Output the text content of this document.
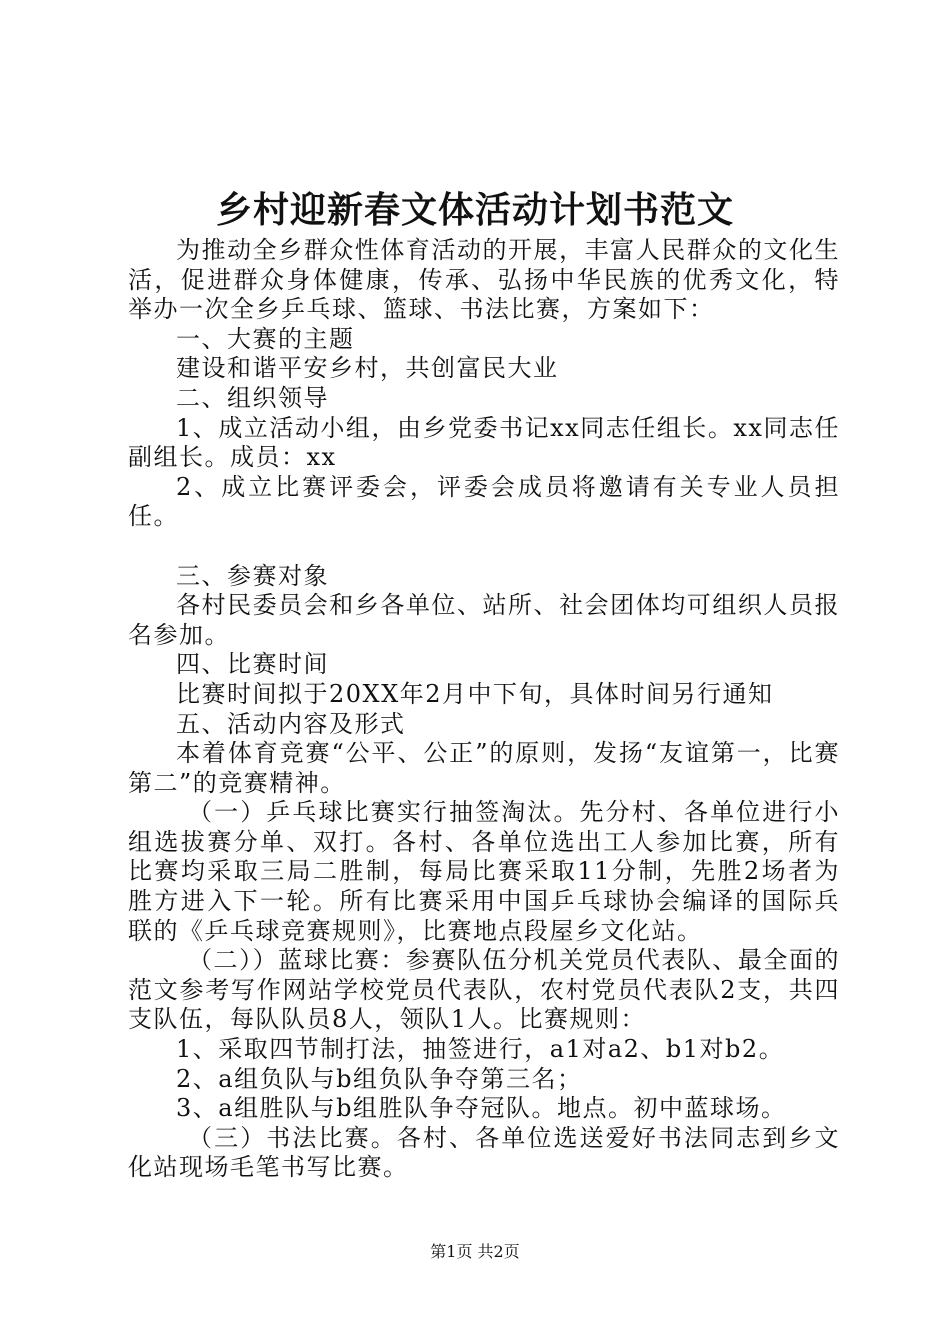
乡村迎新春文体活动计划书范文

为推动全乡群众性体育活动的开展，丰富人民群众的文化生活，促进群众身体健康，传承、弘扬中华民族的优秀文化，特举办一次全乡乒乓球、篮球、书法比赛，方案如下：

一、大赛的主题

建设和谐平安乡村，共创富民大业

二、组织领导

1、成立活动小组，由乡党委书记xx同志任组长。xx同志任副组长。成员：xx

2、成立比赛评委会，评委会成员将邀请有关专业人员担任。

三、参赛对象

各村民委员会和乡各单位、站所、社会团体均可组织人员报名参加。

四、比赛时间

比赛时间拟于20XX年2月中下旬，具体时间另行通知

五、活动内容及形式

本着体育竞赛“公平、公正”的原则，发扬“友谊第一，比赛第二”的竞赛精神。

（一）乒乓球比赛实行抽签淘汰。先分村、各单位进行小组选拔赛分单、双打。各村、各单位选出工人参加比赛，所有比赛均采取三局二胜制，每局比赛采取11分制，先胜2场者为胜方进入下一轮。所有比赛采用中国乒乓球协会编译的国际兵联的《乒乓球竞赛规则》，比赛地点段屋乡文化站。

（二））蓝球比赛：参赛队伍分机关党员代表队、最全面的范文参考写作网站学校党员代表队，农村党员代表队2支，共四支队伍，每队队员8人，领队1人。比赛规则：

1、采取四节制打法，抽签进行，a1对a2、b1对b2。

2、a组负队与b组负队争夺第三名；

3、a组胜队与b组胜队争夺冠队。地点。初中蓝球场。

（三）书法比赛。各村、各单位选送爱好书法同志到乡文化站现场毛笔书写比赛。

第1页 共2页
